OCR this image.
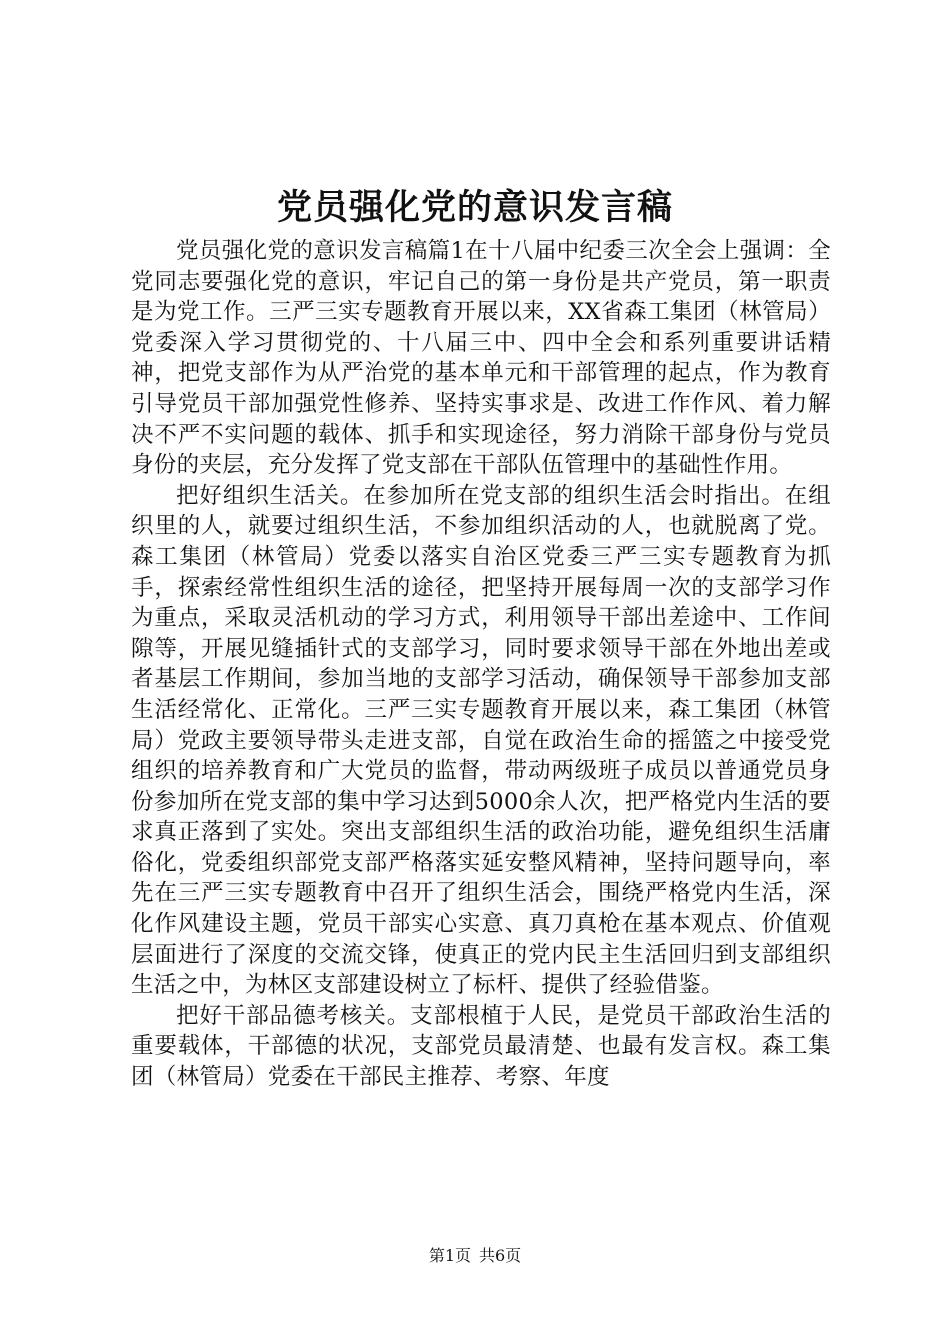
党员强化党的意识发言稿

党员强化党的意识发言稿篇1在十八届中纪委三次全会上强调：全党同志要强化党的意识，牢记自己的第一身份是共产党员，第一职责是为党工作。三严三实专题教育开展以来，XX省森工集团（林管局）党委深入学习贯彻党的、十八届三中、四中全会和系列重要讲话精神，把党支部作为从严治党的基本单元和干部管理的起点，作为教育引导党员干部加强党性修养、坚持实事求是、改进工作作风、着力解决不严不实问题的载体、抓手和实现途径，努力消除干部身份与党员身份的夹层，充分发挥了党支部在干部队伍管理中的基础性作用。

把好组织生活关。在参加所在党支部的组织生活会时指出。在组织里的人，就要过组织生活，不参加组织活动的人，也就脱离了党。森工集团（林管局）党委以落实自治区党委三严三实专题教育为抓手，探索经常性组织生活的途径，把坚持开展每周一次的支部学习作为重点，采取灵活机动的学习方式，利用领导干部出差途中、工作间隙等，开展见缝插针式的支部学习，同时要求领导干部在外地出差或者基层工作期间，参加当地的支部学习活动，确保领导干部参加支部生活经常化、正常化。三严三实专题教育开展以来，森工集团（林管局）党政主要领导带头走进支部，自觉在政治生命的摇篮之中接受党组织的培养教育和广大党员的监督，带动两级班子成员以普通党员身份参加所在党支部的集中学习达到5000余人次，把严格党内生活的要求真正落到了实处。突出支部组织生活的政治功能，避免组织生活庸俗化，党委组织部党支部严格落实延安整风精神，坚持问题导向，率先在三严三实专题教育中召开了组织生活会，围绕严格党内生活，深化作风建设主题，党员干部实心实意、真刀真枪在基本观点、价值观层面进行了深度的交流交锋，使真正的党内民主生活回归到支部组织生活之中，为林区支部建设树立了标杆、提供了经验借鉴。

把好干部品德考核关。支部根植于人民，是党员干部政治生活的重要载体，干部德的状况，支部党员最清楚、也最有发言权。森工集团（林管局）党委在干部民主推荐、考察、年度

第1页 共6页
